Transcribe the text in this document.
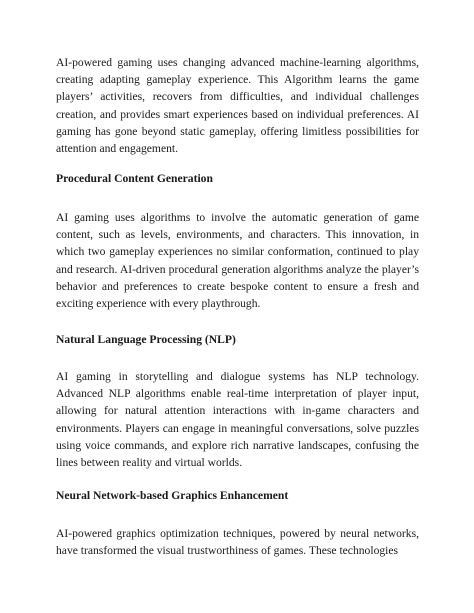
AI-powered gaming uses changing advanced machine-learning algorithms, creating adapting gameplay experience. This Algorithm learns the game players’ activities, recovers from difficulties, and individual challenges creation, and provides smart experiences based on individual preferences. AI gaming has gone beyond static gameplay, offering limitless possibilities for attention and engagement.

Procedural Content Generation

AI gaming uses algorithms to involve the automatic generation of game content, such as levels, environments, and characters. This innovation, in which two gameplay experiences no similar conformation, continued to play and research. AI-driven procedural generation algorithms analyze the player’s behavior and preferences to create bespoke content to ensure a fresh and exciting experience with every playthrough.

Natural Language Processing (NLP)

AI gaming in storytelling and dialogue systems has NLP technology. Advanced NLP algorithms enable real-time interpretation of player input, allowing for natural attention interactions with in-game characters and environments. Players can engage in meaningful conversations, solve puzzles using voice commands, and explore rich narrative landscapes, confusing the lines between reality and virtual worlds.

Neural Network-based Graphics Enhancement

AI-powered graphics optimization techniques, powered by neural networks, have transformed the visual trustworthiness of games. These technologies
